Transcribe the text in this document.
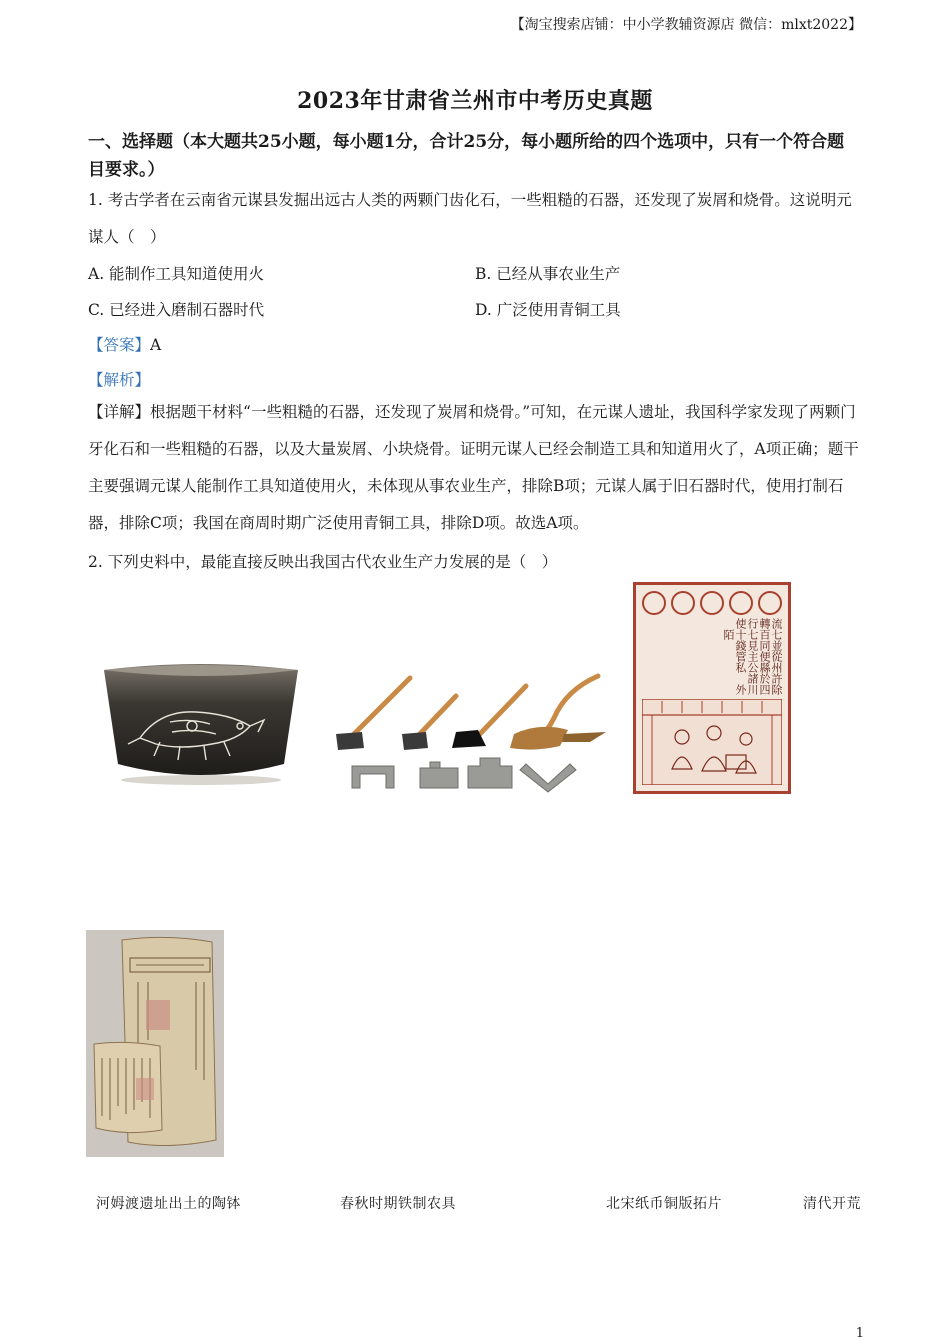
【淘宝搜索店铺：中小学教辅资源店 微信：mlxt2022】
2023年甘肃省兰州市中考历史真题
一、选择题（本大题共25小题，每小题1分，合计25分，每小题所给的四个选项中，只有一个符合题目要求。）
1. 考古学者在云南省元谋县发掘出远古人类的两颗门齿化石，一些粗糙的石器，还发现了炭屑和烧骨。这说明元谋人（　）
A. 能制作工具知道使用火	B. 已经从事农业生产
C. 已经进入磨制石器时代	D. 广泛使用青铜工具
【答案】A
【解析】
【详解】根据题干材料“一些粗糙的石器，还发现了炭屑和烧骨。”可知，在元谋人遗址，我国科学家发现了两颗门牙化石和一些粗糙的石器，以及大量炭屑、小块烧骨。证明元谋人已经会制造工具和知道用火了，A项正确；题干主要强调元谋人能制作工具知道使用火，未体现从事农业生产，排除B项；元谋人属于旧石器时代，使用打制石器，排除C项；我国在商周时期广泛使用青铜工具，排除D项。故选A项。
2. 下列史料中，最能直接反映出我国古代农业生产力发展的是（　）
除四川外
許於諸
州縣公私
從便主管
並同見錢
七百七十陌
流轉行使
河姆渡遗址出土的陶钵	春秋时期铁制农具	北宋纸币铜版拓片	清代开荒
1
